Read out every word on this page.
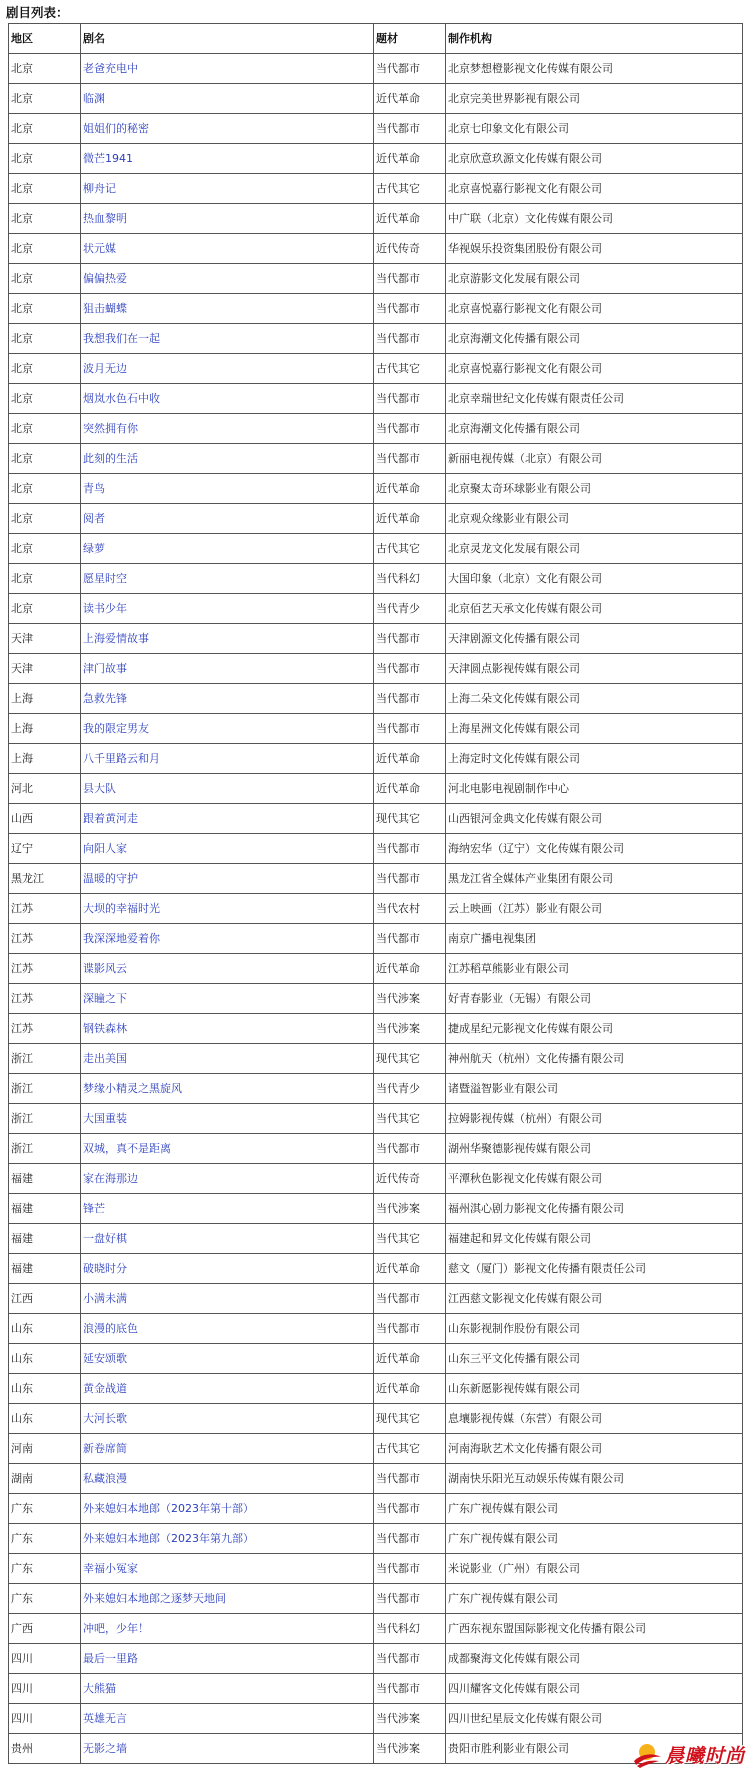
剧目列表：
地区	剧名	题材	制作机构
北京	老爸充电中	当代都市	北京梦想橙影视文化传媒有限公司
北京	临渊	近代革命	北京完美世界影视有限公司
北京	姐姐们的秘密	当代都市	北京七印象文化有限公司
北京	微芒1941	近代革命	北京欣意玖源文化传媒有限公司
北京	柳舟记	古代其它	北京喜悦嘉行影视文化有限公司
北京	热血黎明	近代革命	中广联（北京）文化传媒有限公司
北京	状元媒	近代传奇	华视娱乐投资集团股份有限公司
北京	偏偏热爱	当代都市	北京游影文化发展有限公司
北京	狙击蝴蝶	当代都市	北京喜悦嘉行影视文化有限公司
北京	我想我们在一起	当代都市	北京海潮文化传播有限公司
北京	波月无边	古代其它	北京喜悦嘉行影视文化有限公司
北京	烟岚水色石中收	当代都市	北京幸瑞世纪文化传媒有限责任公司
北京	突然拥有你	当代都市	北京海潮文化传播有限公司
北京	此刻的生活	当代都市	新丽电视传媒（北京）有限公司
北京	青鸟	近代革命	北京聚太奇环球影业有限公司
北京	阅者	近代革命	北京观众缘影业有限公司
北京	绿萝	古代其它	北京灵龙文化发展有限公司
北京	愿星时空	当代科幻	大国印象（北京）文化有限公司
北京	读书少年	当代青少	北京佰艺天承文化传媒有限公司
天津	上海爱情故事	当代都市	天津剧源文化传播有限公司
天津	津门故事	当代都市	天津圆点影视传媒有限公司
上海	急救先锋	当代都市	上海二朵文化传媒有限公司
上海	我的限定男友	当代都市	上海星洲文化传媒有限公司
上海	八千里路云和月	近代革命	上海定时文化传媒有限公司
河北	县大队	近代革命	河北电影电视剧制作中心
山西	跟着黄河走	现代其它	山西银河金典文化传媒有限公司
辽宁	向阳人家	当代都市	海纳宏华（辽宁）文化传媒有限公司
黑龙江	温暖的守护	当代都市	黑龙江省全媒体产业集团有限公司
江苏	大坝的幸福时光	当代农村	云上映画（江苏）影业有限公司
江苏	我深深地爱着你	当代都市	南京广播电视集团
江苏	谍影风云	近代革命	江苏稻草熊影业有限公司
江苏	深瞳之下	当代涉案	好青春影业（无锡）有限公司
江苏	钢铁森林	当代涉案	捷成星纪元影视文化传媒有限公司
浙江	走出美国	现代其它	神州航天（杭州）文化传播有限公司
浙江	梦缘小精灵之黑旋风	当代青少	诸暨溢智影业有限公司
浙江	大国重装	当代其它	拉姆影视传媒（杭州）有限公司
浙江	双城，真不是距离	当代都市	湖州华聚德影视传媒有限公司
福建	家在海那边	近代传奇	平潭秋色影视文化传媒有限公司
福建	锋芒	当代涉案	福州淇心剧力影视文化传播有限公司
福建	一盘好棋	当代其它	福建起和昇文化传媒有限公司
福建	破晓时分	近代革命	慈文（厦门）影视文化传播有限责任公司
江西	小满未满	当代都市	江西慈文影视文化传媒有限公司
山东	浪漫的底色	当代都市	山东影视制作股份有限公司
山东	延安颂歌	近代革命	山东三平文化传播有限公司
山东	黄金战道	近代革命	山东新愿影视传媒有限公司
山东	大河长歌	现代其它	息壤影视传媒（东营）有限公司
河南	新卷席简	古代其它	河南海耿艺术文化传播有限公司
湖南	私藏浪漫	当代都市	湖南快乐阳光互动娱乐传媒有限公司
广东	外来媳妇本地郎（2023年第十部）	当代都市	广东广视传媒有限公司
广东	外来媳妇本地郎（2023年第九部）	当代都市	广东广视传媒有限公司
广东	幸福小冤家	当代都市	米说影业（广州）有限公司
广东	外来媳妇本地郎之逐梦天地间	当代都市	广东广视传媒有限公司
广西	冲吧，少年！	当代科幻	广西东视东盟国际影视文化传播有限公司
四川	最后一里路	当代都市	成都聚海文化传媒有限公司
四川	大熊猫	当代都市	四川耀客文化传媒有限公司
四川	英雄无言	当代涉案	四川世纪星辰文化传媒有限公司
贵州	无影之墙	当代涉案	贵阳市胜利影业有限公司	晨曦时尚
